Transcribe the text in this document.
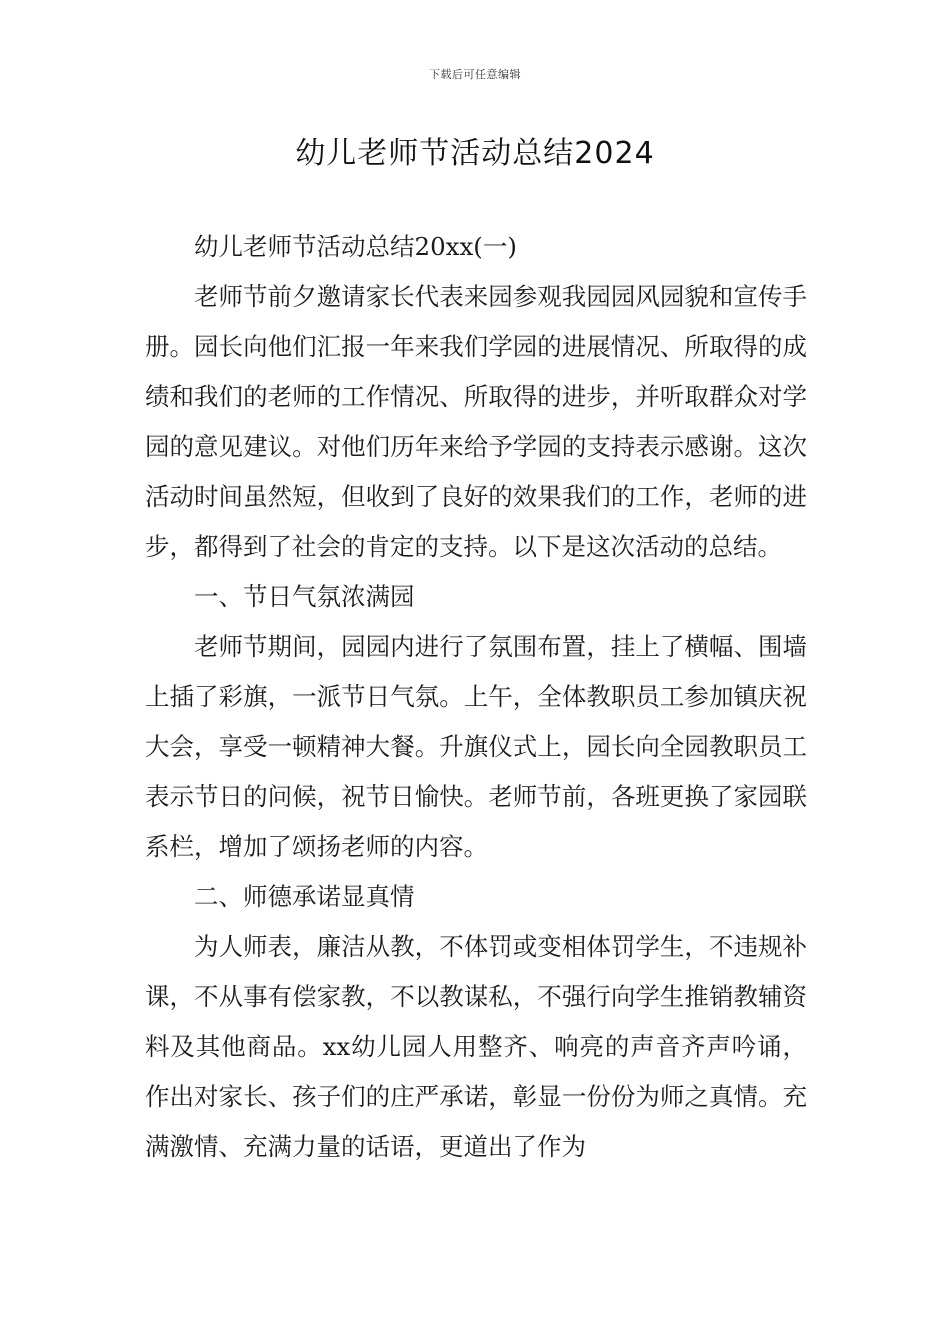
下载后可任意编辑
幼儿老师节活动总结2024

幼儿老师节活动总结20xx(一)

老师节前夕邀请家长代表来园参观我园园风园貌和宣传手册。园长向他们汇报一年来我们学园的进展情况、所取得的成绩和我们的老师的工作情况、所取得的进步，并听取群众对学园的意见建议。对他们历年来给予学园的支持表示感谢。这次活动时间虽然短，但收到了良好的效果我们的工作，老师的进步，都得到了社会的肯定的支持。以下是这次活动的总结。

一、节日气氛浓满园

老师节期间，园园内进行了氛围布置，挂上了横幅、围墙上插了彩旗，一派节日气氛。上午，全体教职员工参加镇庆祝大会，享受一顿精神大餐。升旗仪式上，园长向全园教职员工表示节日的问候，祝节日愉快。老师节前，各班更换了家园联系栏，增加了颂扬老师的内容。

二、师德承诺显真情

为人师表，廉洁从教，不体罚或变相体罚学生，不违规补课，不从事有偿家教，不以教谋私，不强行向学生推销教辅资料及其他商品。xx幼儿园人用整齐、响亮的声音齐声吟诵，作出对家长、孩子们的庄严承诺，彰显一份份为师之真情。充满激情、充满力量的话语，更道出了作为
